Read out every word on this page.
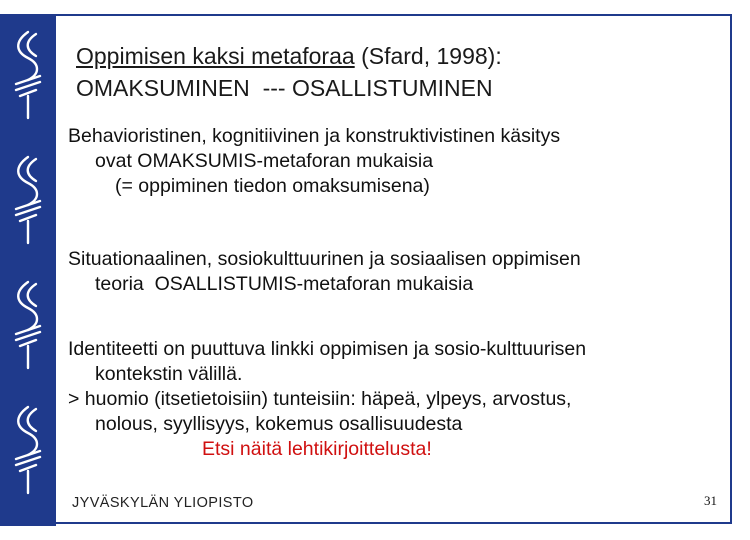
Oppimisen kaksi metaforaa (Sfard, 1998):
OMAKSUMINEN  --- OSALLISTUMINEN
Behavioristinen, kognitiivinen ja konstruktivistinen käsitys
ovat OMAKSUMIS-metaforan mukaisia
(= oppiminen tiedon omaksumisena)
Situationaalinen, sosiokulttuurinen ja sosiaalisen oppimisen
teoria  OSALLISTUMIS-metaforan mukaisia
Identiteetti on puuttuva linkki oppimisen ja sosio-kulttuurisen
kontekstin välillä.
> huomio (itsetietoisiin) tunteisiin: häpeä, ylpeys, arvostus,
nolous, syyllisyys, kokemus osallisuudesta
Etsi näitä lehtikirjoittelusta!
JYVÄSKYLÄN YLIOPISTO	31
